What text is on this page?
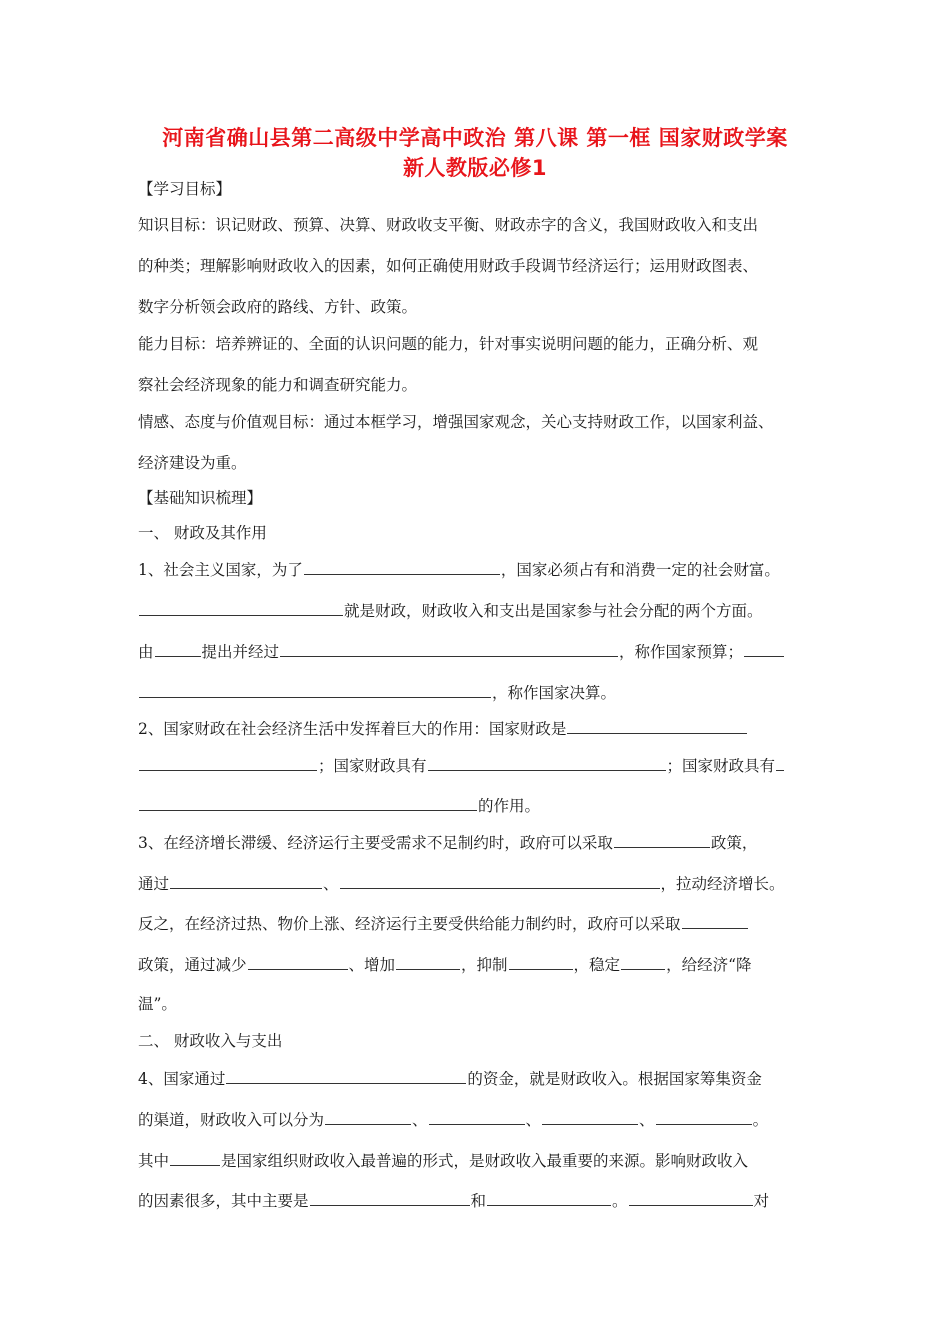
河南省确山县第二高级中学高中政治 第八课 第一框 国家财政学案
新人教版必修1

【学习目标】

知识目标：识记财政、预算、决算、财政收支平衡、财政赤字的含义，我国财政收入和支出

的种类；理解影响财政收入的因素，如何正确使用财政手段调节经济运行；运用财政图表、

数字分析领会政府的路线、方针、政策。

能力目标：培养辨证的、全面的认识问题的能力，针对事实说明问题的能力，正确分析、观

察社会经济现象的能力和调查研究能力。

情感、态度与价值观目标：通过本框学习，增强国家观念，关心支持财政工作，以国家利益、

经济建设为重。

【基础知识梳理】

一、 财政及其作用

1、社会主义国家，为了	，国家必须占有和消费一定的社会财富。

就是财政，财政收入和支出是国家参与社会分配的两个方面。

由	提出并经过	，称作国家预算；

，称作国家决算。

2、国家财政在社会经济生活中发挥着巨大的作用：国家财政是

；国家财政具有	；国家财政具有

的作用。

3、在经济增长滞缓、经济运行主要受需求不足制约时，政府可以采取	政策，

通过	、	，拉动经济增长。

反之，在经济过热、物价上涨、经济运行主要受供给能力制约时，政府可以采取

政策，通过减少	、增加	，抑制	，稳定	，给经济“降

温”。

二、 财政收入与支出

4、国家通过	的资金，就是财政收入。根据国家筹集资金

的渠道，财政收入可以分为	、	、	、	。

其中	是国家组织财政收入最普遍的形式，是财政收入最重要的来源。影响财政收入

的因素很多，其中主要是	和	。	对
